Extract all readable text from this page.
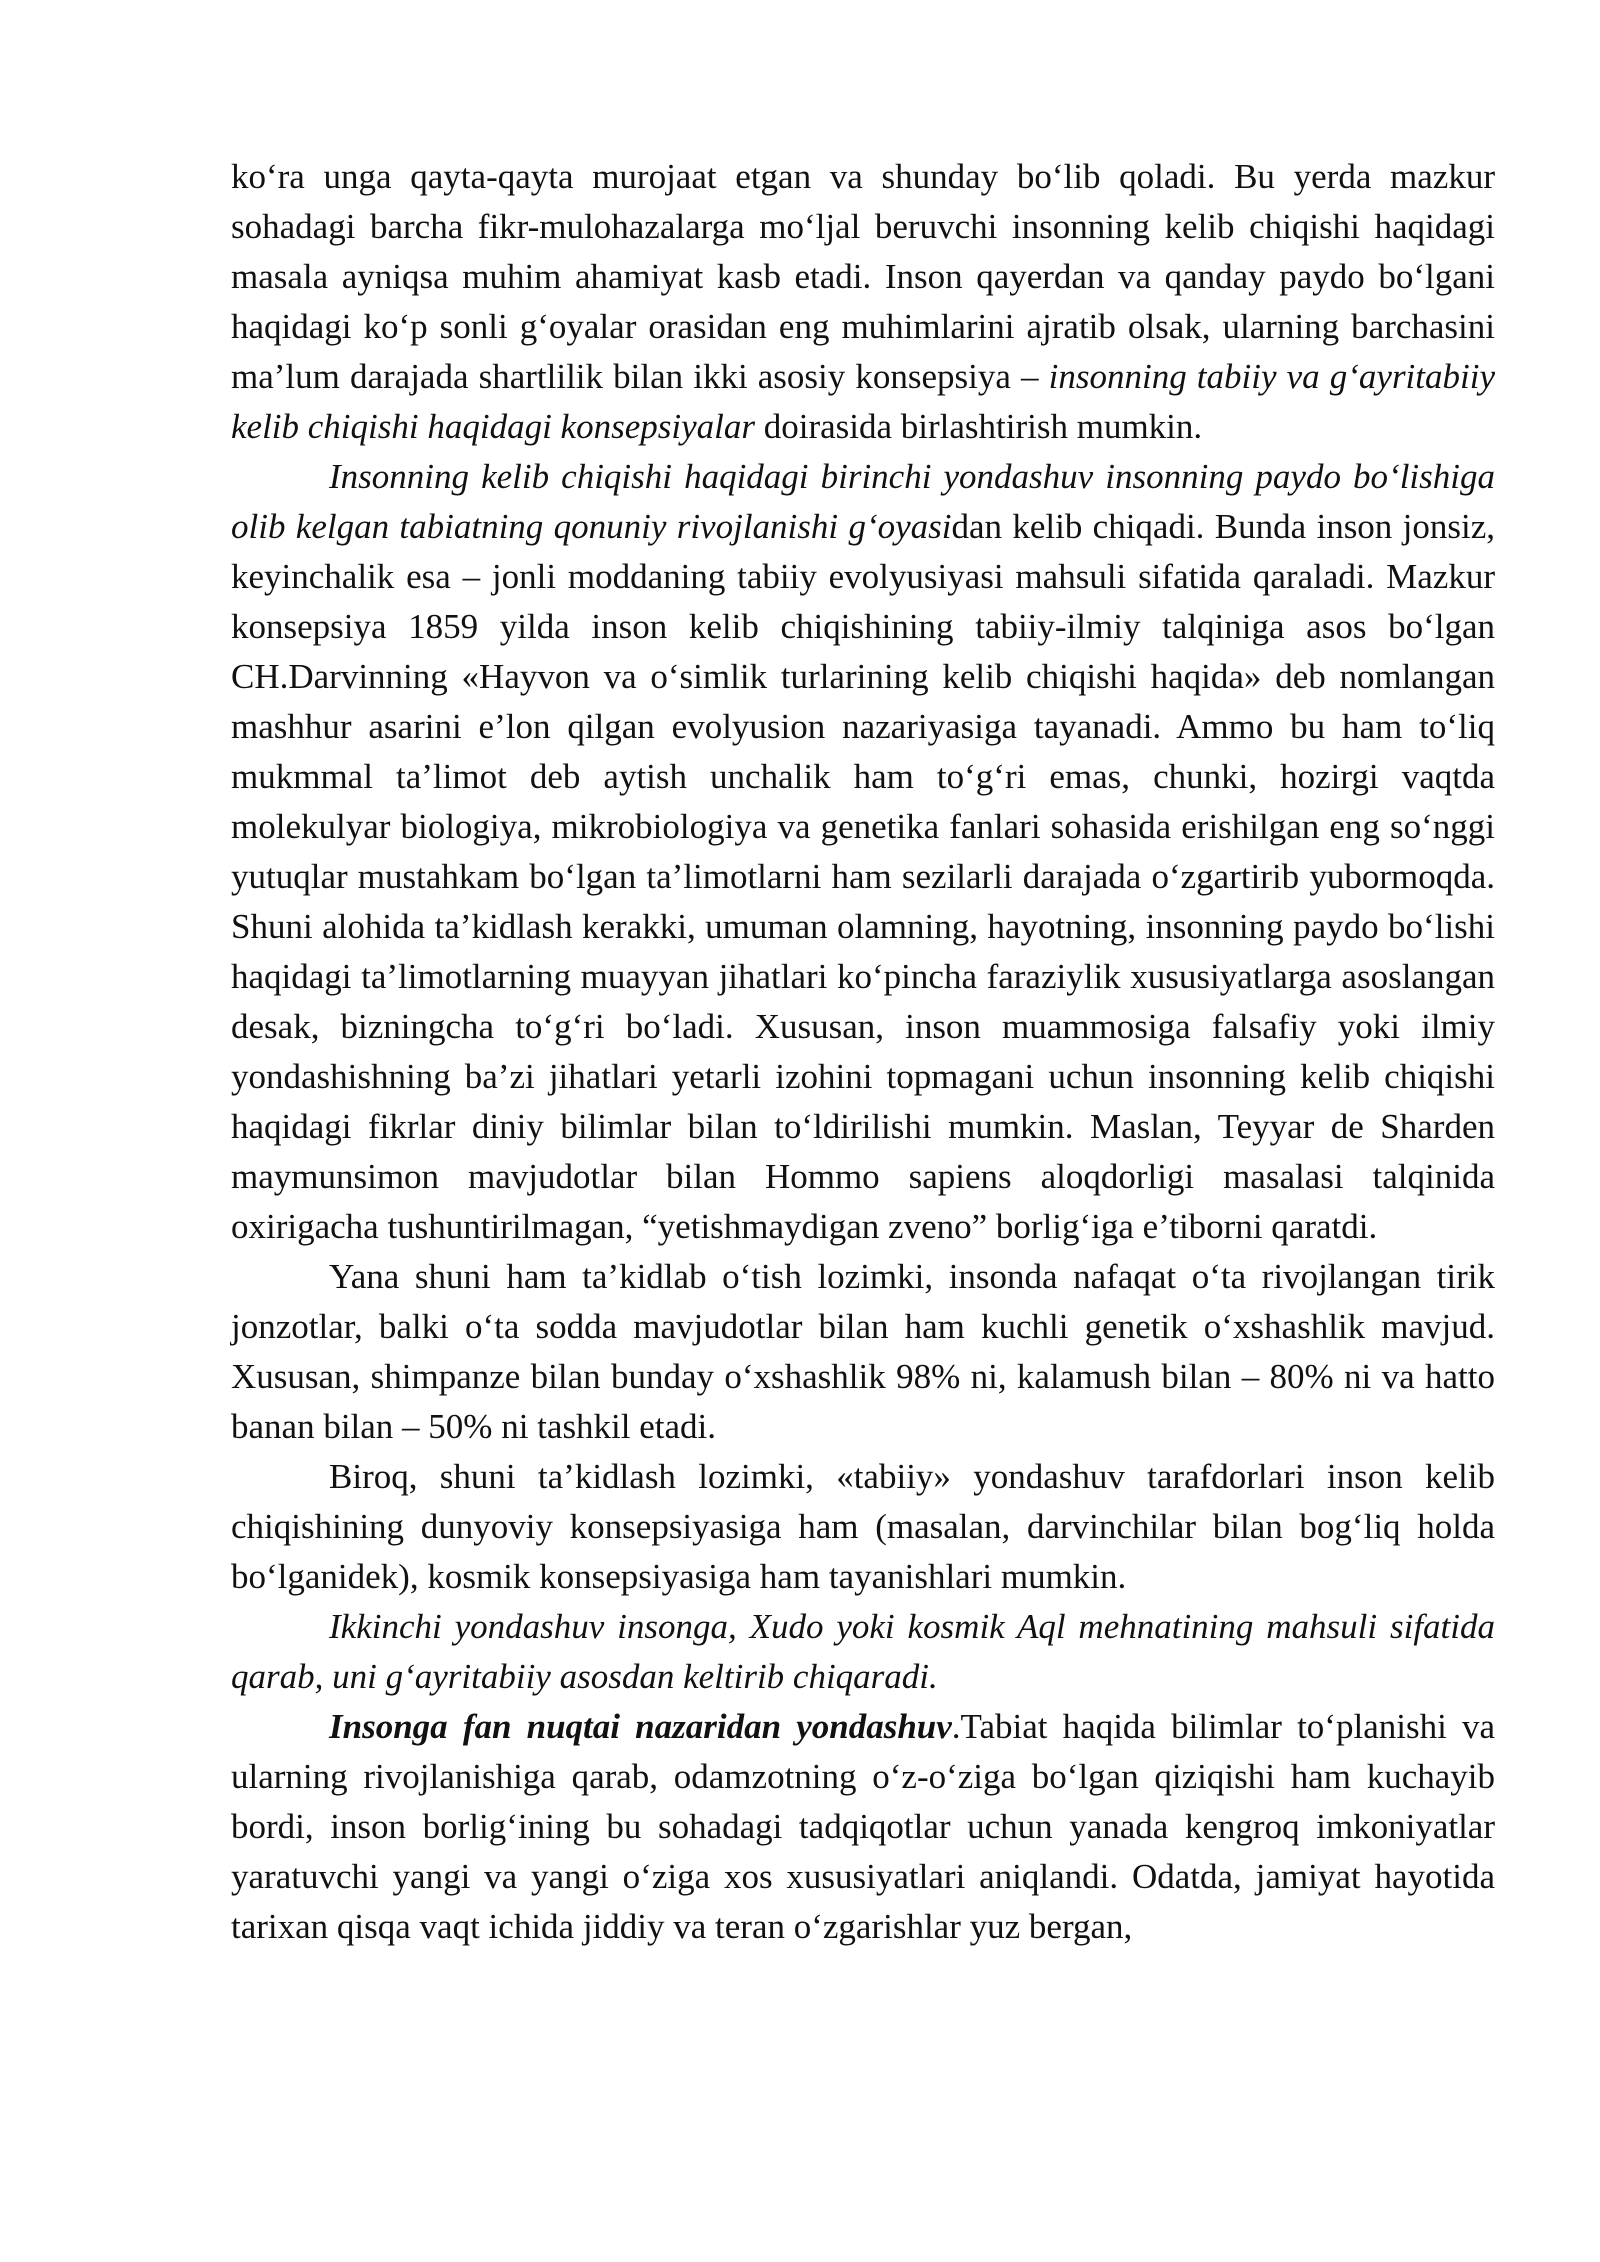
ko‘ra unga qayta-qayta murojaat etgan va shunday bo‘lib qoladi. Bu yerda mazkur sohadagi barcha fikr-mulohazalarga mo‘ljal beruvchi insonning kelib chiqishi haqidagi masala ayniqsa muhim ahamiyat kasb etadi. Inson qayerdan va qanday paydo bo‘lgani haqidagi ko‘p sonli g‘oyalar orasidan eng muhimlarini ajratib olsak, ularning barchasini ma’lum darajada shartlilik bilan ikki asosiy konsepsiya – insonning tabiiy va g‘ayritabiiy kelib chiqishi haqidagi konsepsiyalar doirasida birlashtirish mumkin.

Insonning kelib chiqishi haqidagi birinchi yondashuv insonning paydo bo‘lishiga olib kelgan tabiatning qonuniy rivojlanishi g‘oyasidan kelib chiqadi. Bunda inson jonsiz, keyinchalik esa – jonli moddaning tabiiy evolyusiyasi mahsuli sifatida qaraladi. Mazkur konsepsiya 1859 yilda inson kelib chiqishining tabiiy-ilmiy talqiniga asos bo‘lgan CH.Darvinning «Hayvon va o‘simlik turlarining kelib chiqishi haqida» deb nomlangan mashhur asarini e’lon qilgan evolyusion nazariyasiga tayanadi. Ammo bu ham to‘liq mukmmal ta’limot deb aytish unchalik ham to‘g‘ri emas, chunki, hozirgi vaqtda molekulyar biologiya, mikrobiologiya va genetika fanlari sohasida erishilgan eng so‘nggi yutuqlar mustahkam bo‘lgan ta’limotlarni ham sezilarli darajada o‘zgartirib yubormoqda. Shuni alohida ta’kidlash kerakki, umuman olamning, hayotning, insonning paydo bo‘lishi haqidagi ta’limotlarning muayyan jihatlari ko‘pincha faraziylik xususiyatlarga asoslangan desak, bizningcha to‘g‘ri bo‘ladi. Xususan, inson muammosiga falsafiy yoki ilmiy yondashishning ba’zi jihatlari yetarli izohini topmagani uchun insonning kelib chiqishi haqidagi fikrlar diniy bilimlar bilan to‘ldirilishi mumkin. Maslan, Teyyar de Sharden maymunsimon mavjudotlar bilan Hommo sapiens aloqdorligi masalasi talqinida oxirigacha tushuntirilmagan, “yetishmaydigan zveno” borlig‘iga e’tiborni qaratdi.

Yana shuni ham ta’kidlab o‘tish lozimki, insonda nafaqat o‘ta rivojlangan tirik jonzotlar, balki o‘ta sodda mavjudotlar bilan ham kuchli genetik o‘xshashlik mavjud. Xususan, shimpanze bilan bunday o‘xshashlik 98% ni, kalamush bilan – 80% ni va hatto banan bilan – 50% ni tashkil etadi.

Biroq, shuni ta’kidlash lozimki, «tabiiy» yondashuv tarafdorlari inson kelib chiqishining dunyoviy konsepsiyasiga ham (masalan, darvinchilar bilan bog‘liq holda bo‘lganidek), kosmik konsepsiyasiga ham tayanishlari mumkin.

Ikkinchi yondashuv insonga, Xudo yoki kosmik Aql mehnatining mahsuli sifatida qarab, uni g‘ayritabiiy asosdan keltirib chiqaradi.

Insonga fan nuqtai nazaridan yondashuv.Tabiat haqida bilimlar to‘planishi va ularning rivojlanishiga qarab, odamzotning o‘z-o‘ziga bo‘lgan qiziqishi ham kuchayib bordi, inson borlig‘ining bu sohadagi tadqiqotlar uchun yanada kengroq imkoniyatlar yaratuvchi yangi va yangi o‘ziga xos xususiyatlari aniqlandi. Odatda, jamiyat hayotida tarixan qisqa vaqt ichida jiddiy va teran o‘zgarishlar yuz bergan,
